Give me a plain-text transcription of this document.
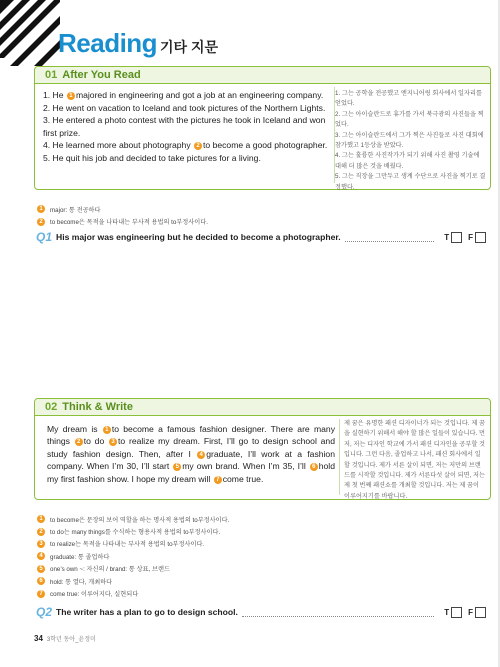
Reading 기타 지문
01 After You Read
1. He 1 majored in engineering and got a job at an engineering company.
2. He went on vacation to Iceland and took pictures of the Northern Lights.
3. He entered a photo contest with the pictures he took in Iceland and won first prize.
4. He learned more about photography 2 to become a good photographer.
5. He quit his job and decided to take pictures for a living.
1. 그는 공학을 전공했고 엔지니어링 회사에서 일자리를 얻었다.
2. 그는 아이슬란드로 휴가를 가서 북극광의 사진들을 찍었다.
3. 그는 아이슬란드에서 그가 찍은 사진들로 사진 대회에 참가했고 1등상을 받았다.
4. 그는 훌륭한 사진작가가 되기 위해 사진 촬영 기술에 대해 더 많은 것을 배웠다.
5. 그는 직장을 그만두고 생계 수단으로 사진을 찍기로 결정했다.
1	major: 통 전공하다
2	to become은 목적을 나타내는 부사적 용법의 to부정사이다.
Q1 His major was engineering but he decided to become a photographer.	T F
02 Think & Write
My dream is 1 to become a famous fashion designer. There are many things 2 to do 3 to realize my dream. First, I’ll go to design school and study fashion design. Then, after I 4 graduate, I’ll work at a fashion company. When I’m 30, I’ll start 5 my own brand. When I’m 35, I’ll 6 hold my first fashion show. I hope my dream will 7 come true.
제 꿈은 유명한 패션 디자이너가 되는 것입니다. 제 꿈을 실현하기 위해서 해야 할 많은 일들이 있습니다. 먼저, 저는 디자인 학교에 가서 패션 디자인을 공부할 것입니다. 그런 다음, 졸업하고 나서, 패션 회사에서 일할 것입니다. 제가 서른 살이 되면, 저는 저만의 브랜드를 시작할 것입니다. 제가 서른다섯 살이 되면, 저는 제 첫 번째 패션쇼를 개최할 것입니다. 저는 제 꿈이 이루어지기를 바랍니다.
1	to become은 문장의 보어 역할을 하는 명사적 용법의 to부정사이다.
2	to do는 many things를 수식하는 형용사적 용법의 to부정사이다.
3	to realize는 목적을 나타내는 부사적 용법의 to부정사이다.
4	graduate: 통 졸업하다
5	one’s own ~: 자신의 / brand: 통 상표, 브랜드
6	hold: 통 열다, 개최하다
7	come true: 이루어지다, 실현되다
Q2 The writer has a plan to go to design school.	T F
34 3학년 동아_윤정미
